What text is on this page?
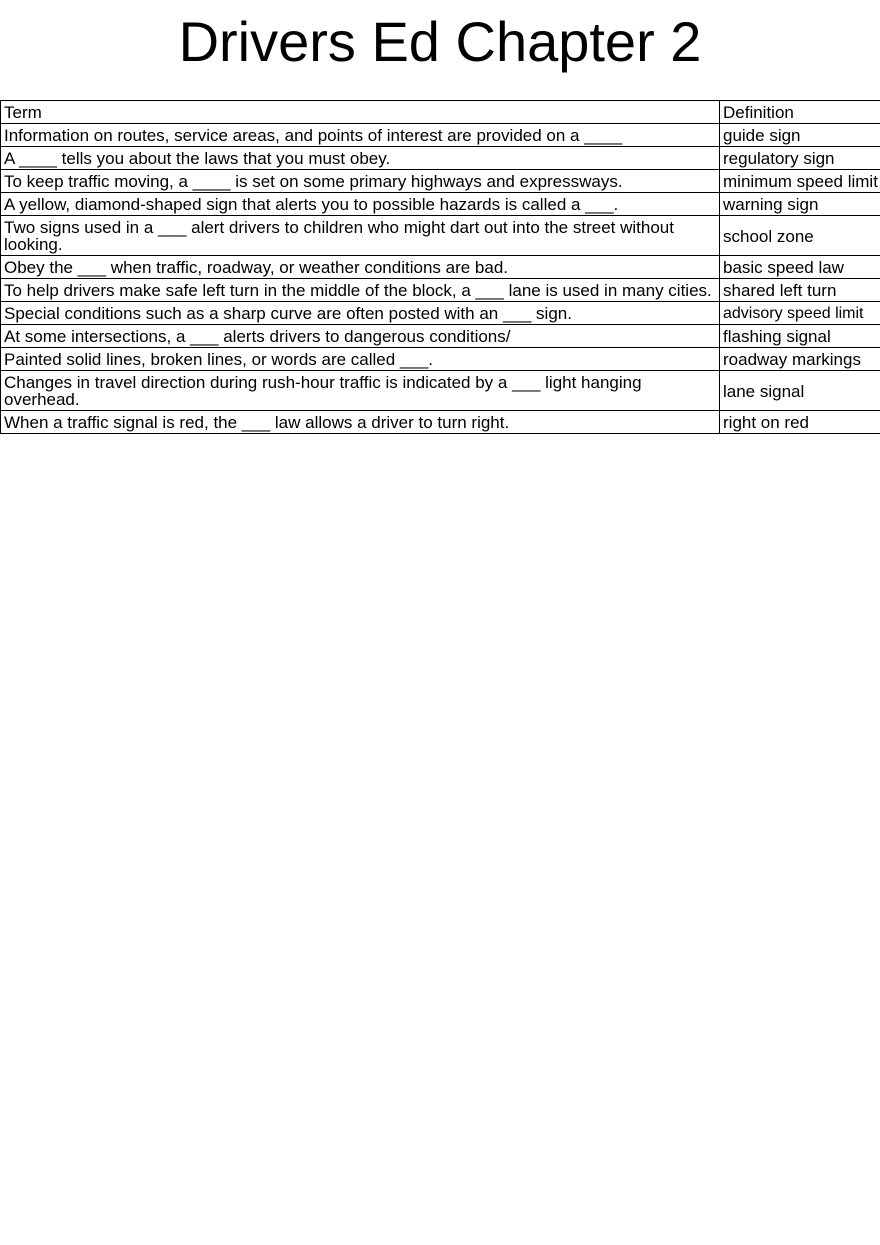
Drivers Ed Chapter 2
Term	Definition
Information on routes, service areas, and points of interest are provided on a ____	guide sign
A ____ tells you about the laws that you must obey.	regulatory sign
To keep traffic moving, a ____ is set on some primary highways and expressways.	minimum speed limit
A yellow, diamond-shaped sign that alerts you to possible hazards is called a ___.	warning sign
Two signs used in a ___ alert drivers to children who might dart out into the street without looking.	school zone
Obey the ___ when traffic, roadway, or weather conditions are bad.	basic speed law
To help drivers make safe left turn in the middle of the block, a ___ lane is used in many cities.	shared left turn
Special conditions such as a sharp curve are often posted with an ___ sign.	advisory speed limit
At some intersections, a ___ alerts drivers to dangerous conditions/	flashing signal
Painted solid lines, broken lines, or words are called ___.	roadway markings
Changes in travel direction during rush-hour traffic is indicated by a ___ light hanging overhead.	lane signal
When a traffic signal is red, the ___ law allows a driver to turn right.	right on red
